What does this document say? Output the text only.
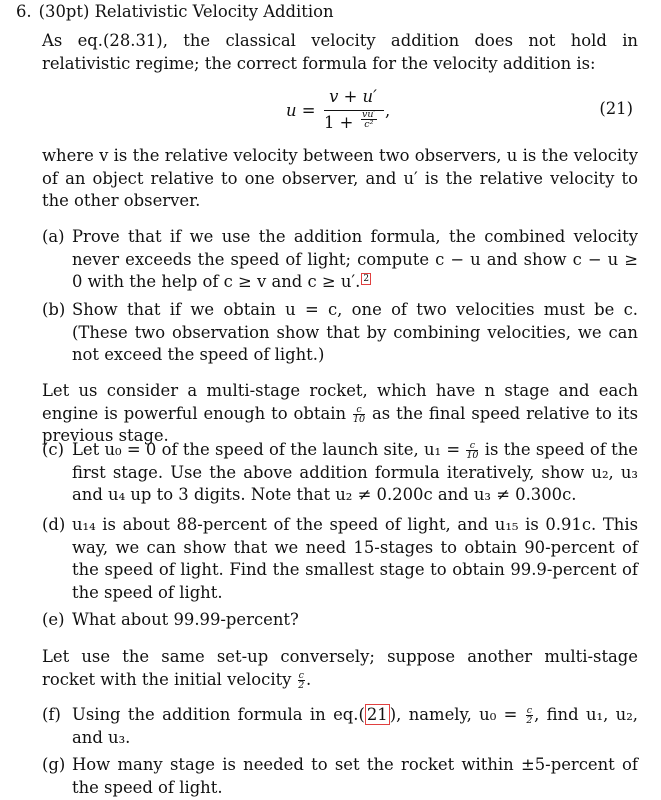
6. (30pt) Relativistic Velocity Addition
As eq.(28.31), the classical velocity addition does not hold in relativistic regime; the correct formula for the velocity addition is:
u =
v + u′
$1 + \frac{vu'}{\text{c²}}$ ,	(21)
where v is the relative velocity between two observers, u is the velocity of an object relative to one observer, and u′ is the relative velocity to the other observer.
(a) Prove that if we use the addition formula, the combined velocity never exceeds the speed of light; compute c − u and show c − u ≥ 0 with the help of c ≥ v and c ≥ u′. 2
(b) Show that if we obtain u = c, one of two velocities must be c. (These two observation show that by combining velocities, we can not exceed the speed of light.)
Let us consider a multi-stage rocket, which have n stage and each engine is powerful enough to obtain $\frac{c}{10}$ as the final speed relative to its previous stage.
(c) Let u₀ = 0 of the speed of the launch site, $u_1 = \frac{c}{10}$ is the speed of the first stage. Use the above addition formula iteratively, show u₂, u₃ and u₄ up to 3 digits. Note that u₂ ≠ 0.200c and u₃ ≠ 0.300c.
(d) u₁₄ is about 88-percent of the speed of light, and u₁₅ is 0.91c. This way, we can show that we need 15-stages to obtain 90-percent of the speed of light. Find the smallest stage to obtain 99.9-percent of the speed of light.
(e) What about 99.99-percent?
Let use the same set-up conversely; suppose another multi-stage rocket with the initial velocity $\frac{c}{2}$ .
(f) Using the addition formula in eq.( 21 ), namely, $u_0 = \frac{c}{2}$ , find u₁, u₂, and u₃.
(g) How many stage is needed to set the rocket within ±5-percent of the speed of light.
